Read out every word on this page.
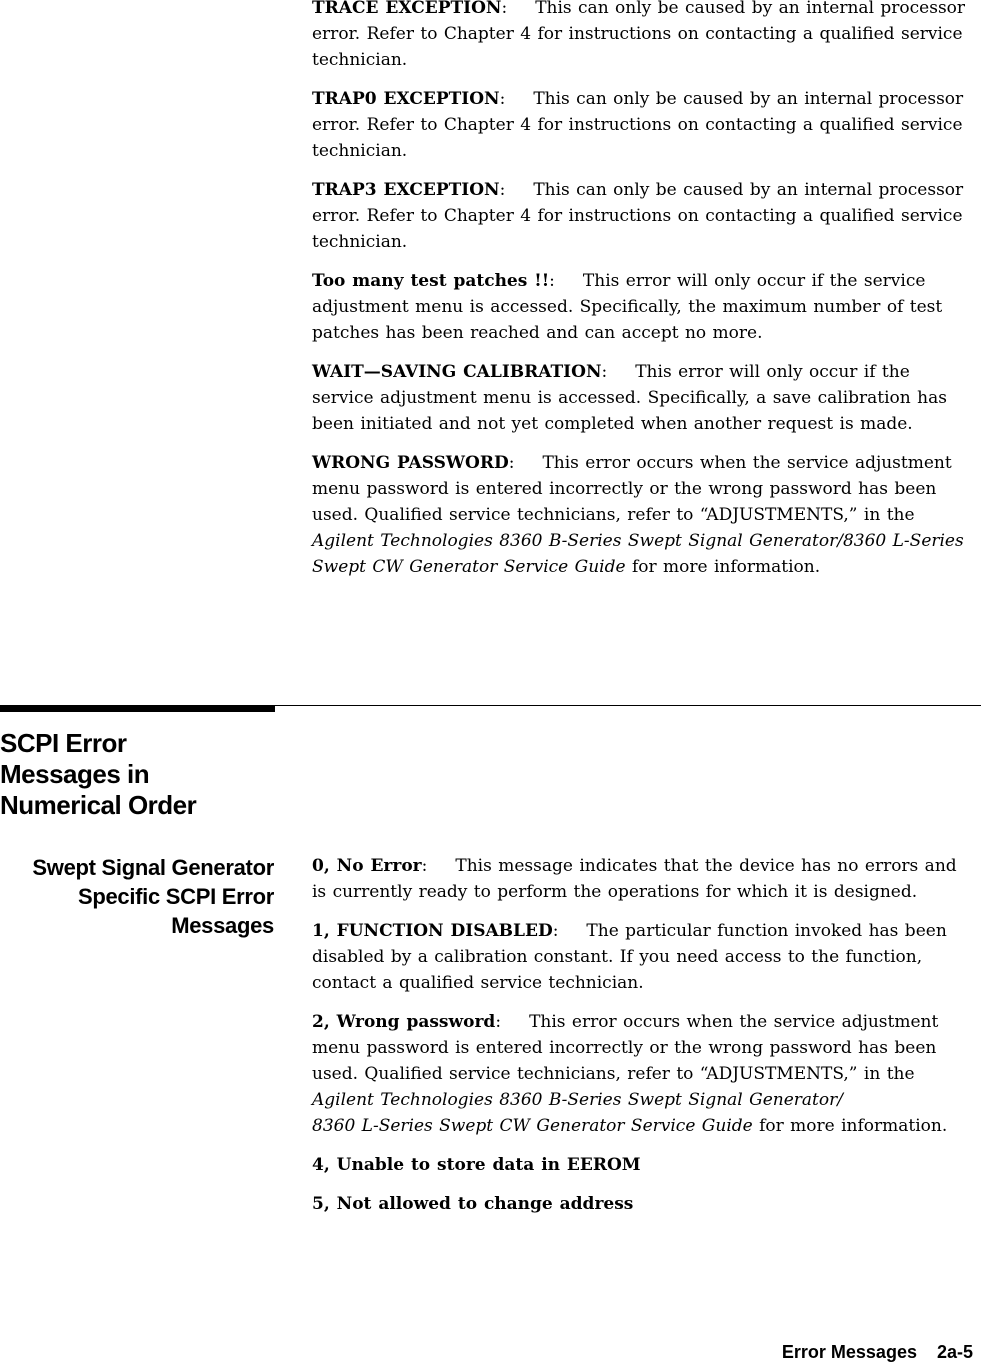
TRACE EXCEPTION: This can only be caused by an internal processor error. Refer to Chapter 4 for instructions on contacting a qualified service technician.

TRAP0 EXCEPTION: This can only be caused by an internal processor error. Refer to Chapter 4 for instructions on contacting a qualified service technician.

TRAP3 EXCEPTION: This can only be caused by an internal processor error. Refer to Chapter 4 for instructions on contacting a qualified service technician.

Too many test patches !!: This error will only occur if the service adjustment menu is accessed. Specifically, the maximum number of test patches has been reached and can accept no more.

WAIT—SAVING CALIBRATION: This error will only occur if the service adjustment menu is accessed. Specifically, a save calibration has been initiated and not yet completed when another request is made.

WRONG PASSWORD: This error occurs when the service adjustment menu password is entered incorrectly or the wrong password has been used. Qualified service technicians, refer to “ADJUSTMENTS,” in the Agilent Technologies 8360 B-Series Swept Signal Generator/8360 L-Series Swept CW Generator Service Guide for more information.

SCPI Error
Messages in
Numerical Order
Swept Signal Generator
Specific SCPI Error
Messages

0, No Error: This message indicates that the device has no errors and is currently ready to perform the operations for which it is designed.

1, FUNCTION DISABLED: The particular function invoked has been disabled by a calibration constant. If you need access to the function, contact a qualified service technician.

2, Wrong password: This error occurs when the service adjustment menu password is entered incorrectly or the wrong password has been used. Qualified service technicians, refer to “ADJUSTMENTS,” in the Agilent Technologies 8360 B-Series Swept Signal Generator/
8360 L-Series Swept CW Generator Service Guide for more information.

4, Unable to store data in EEROM

5, Not allowed to change address

Error Messages 2a-5
